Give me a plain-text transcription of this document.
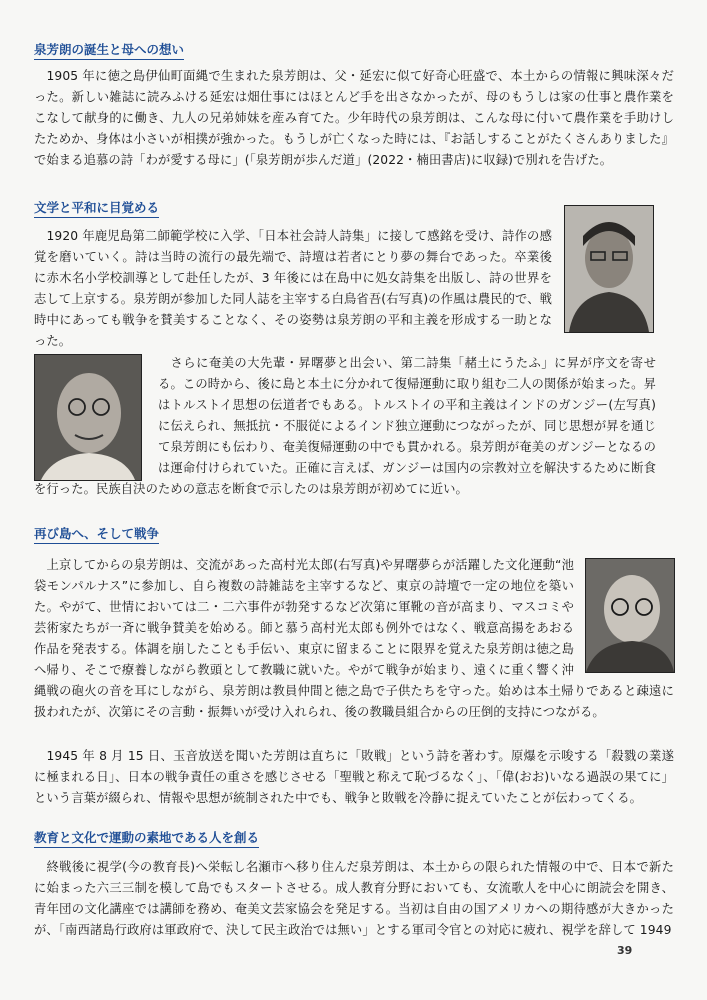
泉芳朗の誕生と母への想い

1905 年に徳之島伊仙町面縄で生まれた泉芳朗は、父・延宏に似て好奇心旺盛で、本土からの情報に興味深々だった。新しい雑誌に読みふける延宏は畑仕事にはほとんど手を出さなかったが、母のもうしは家の仕事と農作業をこなして献身的に働き、九人の兄弟姉妹を産み育てた。少年時代の泉芳朗は、こんな母に付いて農作業を手助けしたためか、身体は小さいが相撲が強かった。もうしが亡くなった時には、『お話しすることがたくさんありました』で始まる追慕の詩「わが愛する母に」(「泉芳朗が歩んだ道」(2022・楠田書店)に収録)で別れを告げた。

文学と平和に目覚める

1920 年鹿児島第二師範学校に入学、「日本社会詩人詩集」に接して感銘を受け、詩作の感覚を磨いていく。詩は当時の流行の最先端で、詩壇は若者にとり夢の舞台であった。卒業後に赤木名小学校訓導として赴任したが、3 年後には在島中に処女詩集を出版し、詩の世界を志して上京する。泉芳朗が参加した同人誌を主宰する白鳥省吾(右写真)の作風は農民的で、戦時中にあっても戦争を賛美することなく、その姿勢は泉芳朗の平和主義を形成する一助となった。

さらに奄美の大先輩・昇曙夢と出会い、第二詩集「赭土にうたふ」に昇が序文を寄せる。この時から、後に島と本土に分かれて復帰運動に取り組む二人の関係が始まった。昇はトルストイ思想の伝道者でもある。トルストイの平和主義はインドのガンジー(左写真)に伝えられ、無抵抗・不服従によるインド独立運動につながったが、同じ思想が昇を通じて泉芳朗にも伝わり、奄美復帰運動の中でも貫かれる。泉芳朗が奄美のガンジーとなるのは運命付けられていた。正確に言えば、ガンジーは国内の宗教対立を解決するために断食を行った。民族自決のための意志を断食で示したのは泉芳朗が初めてに近い。

再び島へ、そして戦争

上京してからの泉芳朗は、交流があった高村光太郎(右写真)や昇曙夢らが活躍した文化運動“池袋モンパルナス”に参加し、自ら複数の詩雑誌を主宰するなど、東京の詩壇で一定の地位を築いた。やがて、世情においては二・二六事件が勃発するなど次第に軍靴の音が高まり、マスコミや芸術家たちが一斉に戦争賛美を始める。師と慕う高村光太郎も例外ではなく、戦意高揚をあおる作品を発表する。体調を崩したことも手伝い、東京に留まることに限界を覚えた泉芳朗は徳之島へ帰り、そこで療養しながら教頭として教職に就いた。やがて戦争が始まり、遠くに重く響く沖縄戦の砲火の音を耳にしながら、泉芳朗は教員仲間と徳之島で子供たちを守った。始めは本土帰りであると疎遠に扱われたが、次第にその言動・振舞いが受け入れられ、後の教職員組合からの圧倒的支持につながる。

1945 年 8 月 15 日、玉音放送を聞いた芳朗は直ちに「敗戦」という詩を著わす。原爆を示唆する「殺戮の業遂に極まれる日」、日本の戦争責任の重さを感じさせる「聖戦と称えて恥づるなく」、「偉(おお)いなる過誤の果てに」という言葉が綴られ、情報や思想が統制された中でも、戦争と敗戦を冷静に捉えていたことが伝わってくる。

教育と文化で運動の素地である人を創る

終戦後に視学(今の教育長)へ栄転し名瀬市へ移り住んだ泉芳朗は、本土からの限られた情報の中で、日本で新たに始まった六三三制を模して島でもスタートさせる。成人教育分野においても、女流歌人を中心に朗読会を開き、青年団の文化講座では講師を務め、奄美文芸家協会を発足する。当初は自由の国アメリカへの期待感が大きかったが、「南西諸島行政府は軍政府で、決して民主政治では無い」とする軍司令官との対応に疲れ、視学を辞して 1949

39
